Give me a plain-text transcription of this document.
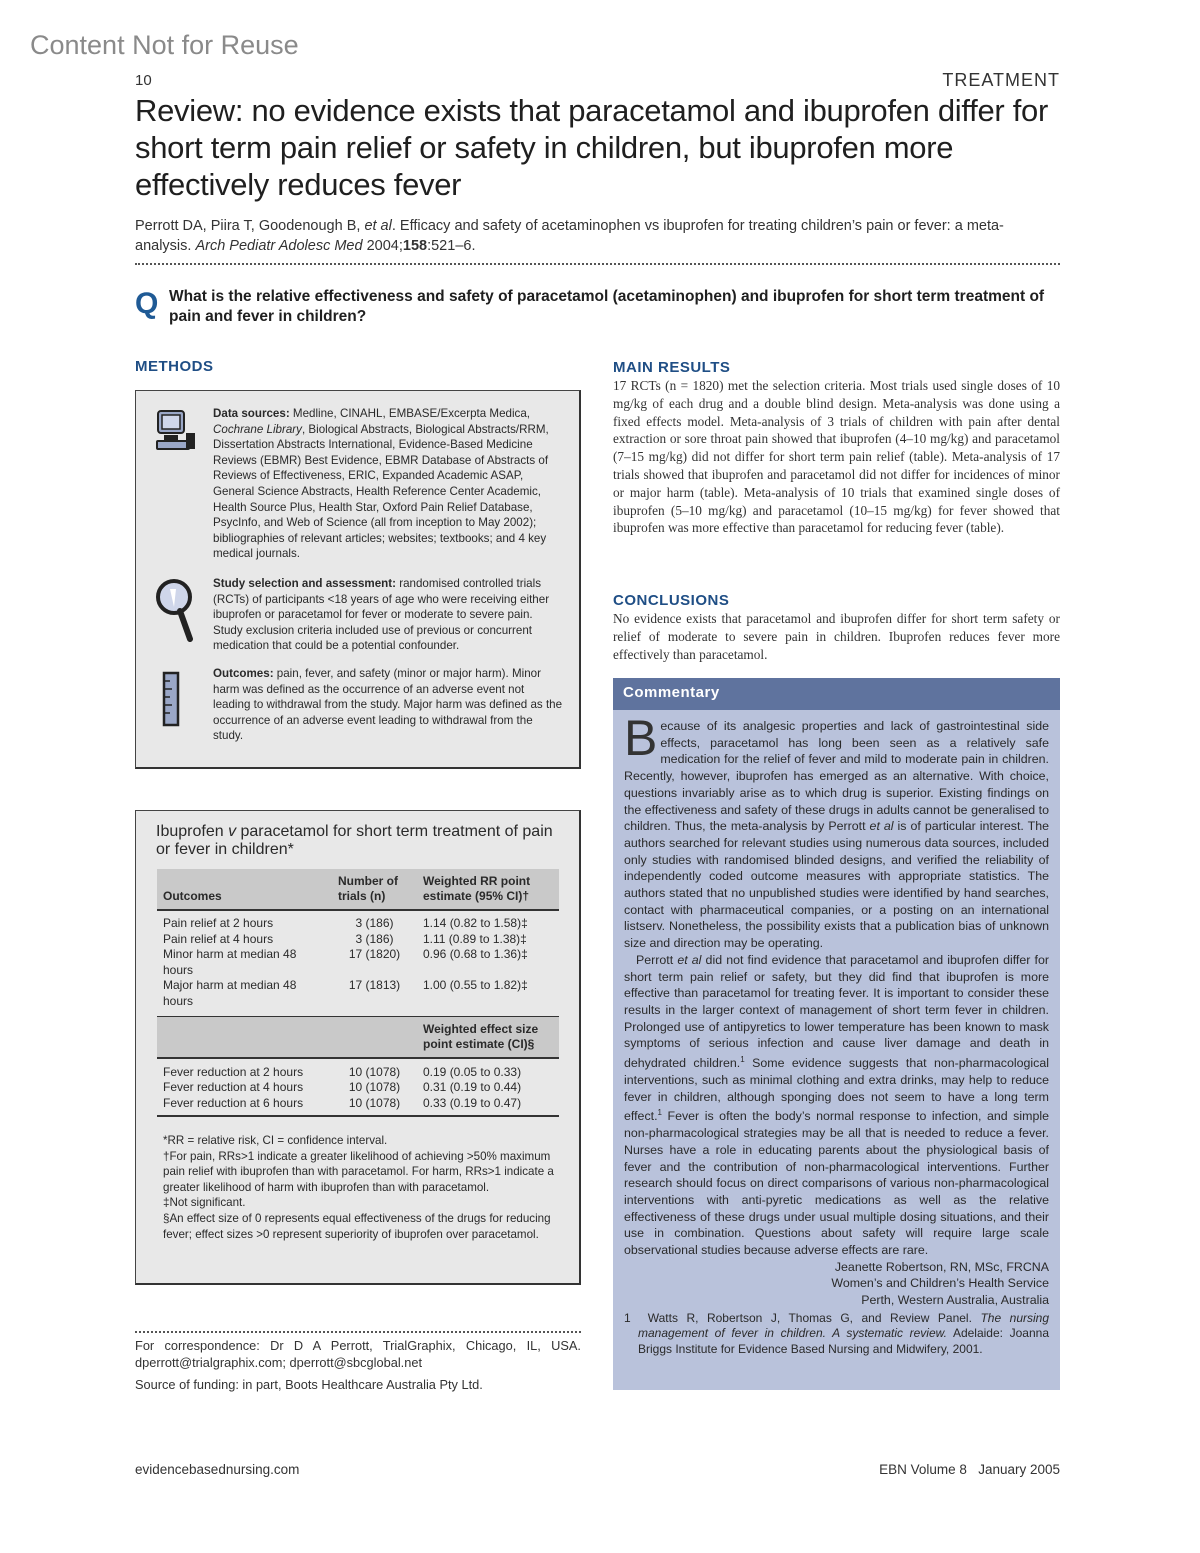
Content Not for Reuse
10	TREATMENT
Review: no evidence exists that paracetamol and ibuprofen differ for short term pain relief or safety in children, but ibuprofen more effectively reduces fever
Perrott DA, Piira T, Goodenough B, et al. Efficacy and safety of acetaminophen vs ibuprofen for treating children’s pain or fever: a meta-analysis. Arch Pediatr Adolesc Med 2004;158:521–6.
Q What is the relative effectiveness and safety of paracetamol (acetaminophen) and ibuprofen for short term treatment of pain and fever in children?
METHODS
Data sources: Medline, CINAHL, EMBASE/Excerpta Medica, Cochrane Library, Biological Abstracts, Biological Abstracts/RRM, Dissertation Abstracts International, Evidence-Based Medicine Reviews (EBMR) Best Evidence, EBMR Database of Abstracts of Reviews of Effectiveness, ERIC, Expanded Academic ASAP, General Science Abstracts, Health Reference Center Academic, Health Source Plus, Health Star, Oxford Pain Relief Database, PsycInfo, and Web of Science (all from inception to May 2002); bibliographies of relevant articles; websites; textbooks; and 4 key medical journals.
Study selection and assessment: randomised controlled trials (RCTs) of participants <18 years of age who were receiving either ibuprofen or paracetamol for fever or moderate to severe pain. Study exclusion criteria included use of previous or concurrent medication that could be a potential confounder.
Outcomes: pain, fever, and safety (minor or major harm). Minor harm was defined as the occurrence of an adverse event not leading to withdrawal from the study. Major harm was defined as the occurrence of an adverse event leading to withdrawal from the study.
MAIN RESULTS
17 RCTs (n = 1820) met the selection criteria. Most trials used single doses of 10 mg/kg of each drug and a double blind design. Meta-analysis was done using a fixed effects model. Meta-analysis of 3 trials of children with pain after dental extraction or sore throat pain showed that ibuprofen (4–10 mg/kg) and paracetamol (7–15 mg/kg) did not differ for short term pain relief (table). Meta-analysis of 17 trials showed that ibuprofen and paracetamol did not differ for incidences of minor or major harm (table). Meta-analysis of 10 trials that examined single doses of ibuprofen (5–10 mg/kg) and paracetamol (10–15 mg/kg) for fever showed that ibuprofen was more effective than paracetamol for reducing fever (table).
CONCLUSIONS
No evidence exists that paracetamol and ibuprofen differ for short term safety or relief of moderate to severe pain in children. Ibuprofen reduces fever more effectively than paracetamol.
Commentary

Because of its analgesic properties and lack of gastrointestinal side effects, paracetamol has long been seen as a relatively safe medication for the relief of fever and mild to moderate pain in children. Recently, however, ibuprofen has emerged as an alternative. With choice, questions invariably arise as to which drug is superior. Existing findings on the effectiveness and safety of these drugs in adults cannot be generalised to children. Thus, the meta-analysis by Perrott et al is of particular interest. The authors searched for relevant studies using numerous data sources, included only studies with randomised blinded designs, and verified the reliability of independently coded outcome measures with appropriate statistics. The authors stated that no unpublished studies were identified by hand searches, contact with pharmaceutical companies, or a posting on an international listserv. Nonetheless, the possibility exists that a publication bias of unknown size and direction may be operating.

Perrott et al did not find evidence that paracetamol and ibuprofen differ for short term pain relief or safety, but they did find that ibuprofen is more effective than paracetamol for treating fever. It is important to consider these results in the larger context of management of short term fever in children. Prolonged use of antipyretics to lower temperature has been known to mask symptoms of serious infection and cause liver damage and death in dehydrated children.$^1$ Some evidence suggests that non-pharmacological interventions, such as minimal clothing and extra drinks, may help to reduce fever in children, although sponging does not seem to have a long term effect.$^1$ Fever is often the body’s normal response to infection, and simple non-pharmacological strategies may be all that is needed to reduce a fever. Nurses have a role in educating parents about the physiological basis of fever and the contribution of non-pharmacological interventions. Further research should focus on direct comparisons of various non-pharmacological interventions with anti-pyretic medications as well as the relative effectiveness of these drugs under usual multiple dosing situations, and their use in combination. Questions about safety will require large scale observational studies because adverse effects are rare.

Jeanette Robertson, RN, MSc, FRCNA
Women’s and Children’s Health Service
Perth, Western Australia, Australia
1 Watts R, Robertson J, Thomas G, and Review Panel. The nursing management of fever in children. A systematic review. Adelaide: Joanna Briggs Institute for Evidence Based Nursing and Midwifery, 2001.
Ibuprofen v paracetamol for short term treatment of pain or fever in children*
Outcomes	Number of trials (n)	Weighted RR point estimate (95% CI)†
Pain relief at 2 hours	3 (186)	1.14 (0.82 to 1.58)‡
Pain relief at 4 hours	3 (186)	1.11 (0.89 to 1.38)‡
Minor harm at median 48 hours	17 (1820)	0.96 (0.68 to 1.36)‡
Major harm at median 48 hours	17 (1813)	1.00 (0.55 to 1.82)‡
		Weighted effect size point estimate (CI)§
Fever reduction at 2 hours	10 (1078)	0.19 (0.05 to 0.33)
Fever reduction at 4 hours	10 (1078)	0.31 (0.19 to 0.44)
Fever reduction at 6 hours	10 (1078)	0.33 (0.19 to 0.47)
*RR = relative risk, CI = confidence interval.
†For pain, RRs>1 indicate a greater likelihood of achieving >50% maximum pain relief with ibuprofen than with paracetamol. For harm, RRs>1 indicate a greater likelihood of harm with ibuprofen than with paracetamol.
‡Not significant.
§An effect size of 0 represents equal effectiveness of the drugs for reducing fever; effect sizes >0 represent superiority of ibuprofen over paracetamol.
For correspondence: Dr D A Perrott, TrialGraphix, Chicago, IL, USA. dperrott@trialgraphix.com; dperrott@sbcglobal.net
Source of funding: in part, Boots Healthcare Australia Pty Ltd.
evidencebasednursing.com	EBN Volume 8   January 2005
